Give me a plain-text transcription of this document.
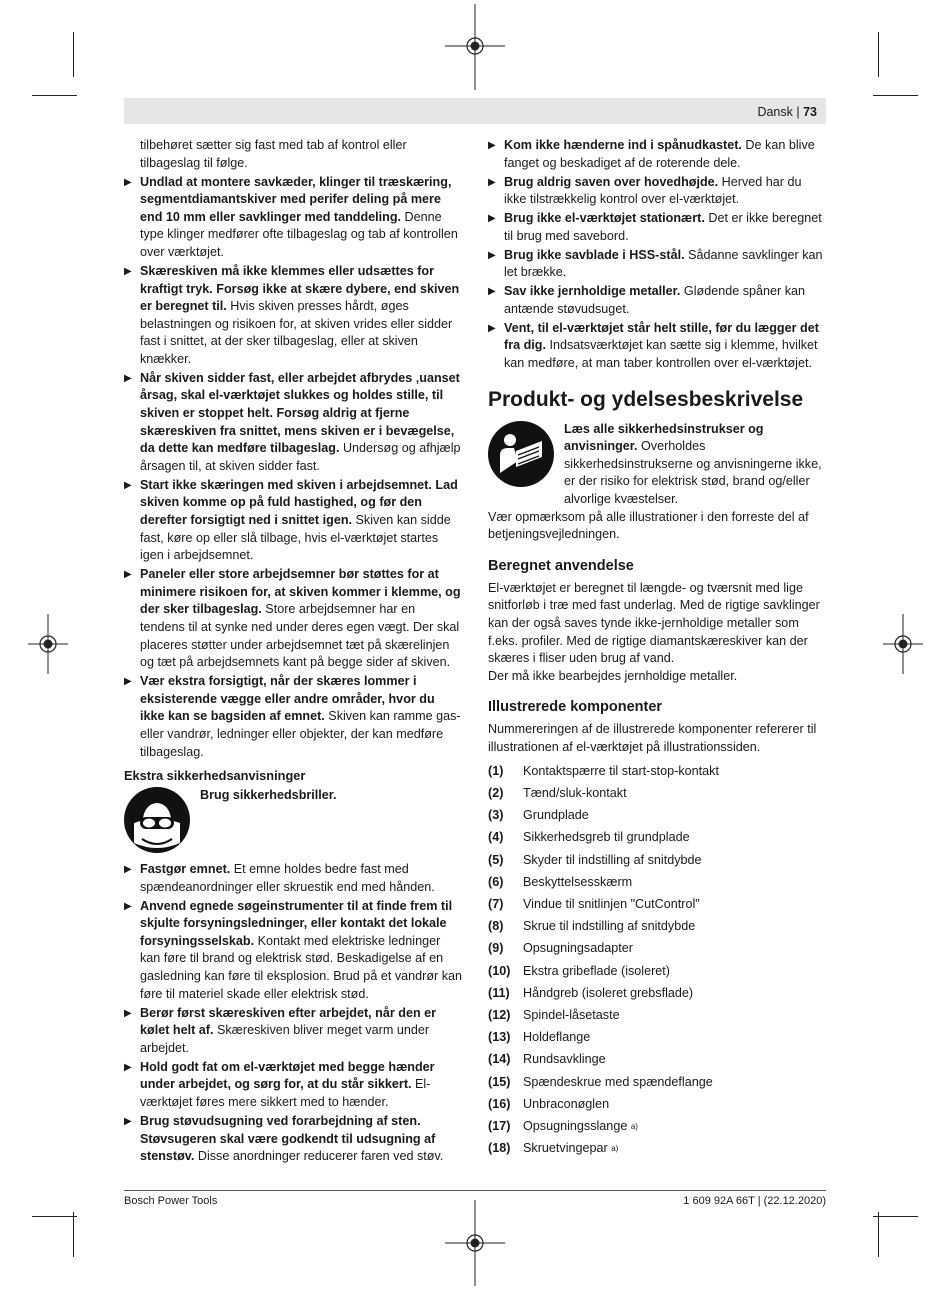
Dansk | 73

tilbehøret sætter sig fast med tab af kontrol eller tilbageslag til følge.

▶ Undlad at montere savkæder, klinger til træskæring, segmentdiamantskiver med perifer deling på mere end 10 mm eller savklinger med tanddeling. Denne type klinger medfører ofte tilbageslag og tab af kontrollen over værktøjet.

▶ Skæreskiven må ikke klemmes eller udsættes for kraftigt tryk. Forsøg ikke at skære dybere, end skiven er beregnet til. Hvis skiven presses hårdt, øges belastningen og risikoen for, at skiven vrides eller sidder fast i snittet, at der sker tilbageslag, eller at skiven knækker.

▶ Når skiven sidder fast, eller arbejdet afbrydes ‚uanset årsag, skal el-værktøjet slukkes og holdes stille, til skiven er stoppet helt. Forsøg aldrig at fjerne skæreskiven fra snittet, mens skiven er i bevægelse, da dette kan medføre tilbageslag. Undersøg og afhjælp årsagen til, at skiven sidder fast.

▶ Start ikke skæringen med skiven i arbejdsemnet. Lad skiven komme op på fuld hastighed, og før den derefter forsigtigt ned i snittet igen. Skiven kan sidde fast, køre op eller slå tilbage, hvis el-værktøjet startes igen i arbejdsemnet.

▶ Paneler eller store arbejdsemner bør støttes for at minimere risikoen for, at skiven kommer i klemme, og der sker tilbageslag. Store arbejdsemner har en tendens til at synke ned under deres egen vægt. Der skal placeres støtter under arbejdsemnet tæt på skærelinjen og tæt på arbejdsemnets kant på begge sider af skiven.

▶ Vær ekstra forsigtigt, når der skæres lommer i eksisterende vægge eller andre områder, hvor du ikke kan se bagsiden af emnet. Skiven kan ramme gas- eller vandrør, ledninger eller objekter, der kan medføre tilbageslag.

Ekstra sikkerhedsanvisninger
Brug sikkerhedsbriller.

▶ Fastgør emnet. Et emne holdes bedre fast med spændeanordninger eller skruestik end med hånden.

▶ Anvend egnede søgeinstrumenter til at finde frem til skjulte forsyningsledninger, eller kontakt det lokale forsyningsselskab. Kontakt med elektriske ledninger kan føre til brand og elektrisk stød. Beskadigelse af en gasledning kan føre til eksplosion. Brud på et vandrør kan føre til materiel skade eller elektrisk stød.

▶ Berør først skæreskiven efter arbejdet, når den er kølet helt af. Skæreskiven bliver meget varm under arbejdet.

▶ Hold godt fat om el-værktøjet med begge hænder under arbejdet, og sørg for, at du står sikkert. El-værktøjet føres mere sikkert med to hænder.

▶ Brug støvudsugning ved forarbejdning af sten. Støvsugeren skal være godkendt til udsugning af stenstøv. Disse anordninger reducerer faren ved støv.

▶ Kom ikke hænderne ind i spånudkastet. De kan blive fanget og beskadiget af de roterende dele.

▶ Brug aldrig saven over hovedhøjde. Herved har du ikke tilstrækkelig kontrol over el-værktøjet.

▶ Brug ikke el-værktøjet stationært. Det er ikke beregnet til brug med savebord.

▶ Brug ikke savblade i HSS-stål. Sådanne savklinger kan let brække.

▶ Sav ikke jernholdige metaller. Glødende spåner kan antænde støvudsuget.

▶ Vent, til el-værktøjet står helt stille, før du lægger det fra dig. Indsatsværktøjet kan sætte sig i klemme, hvilket kan medføre, at man taber kontrollen over el-værktøjet.

Produkt- og ydelsesbeskrivelse

Læs alle sikkerhedsinstrukser og anvisninger. Overholdes sikkerhedsinstrukserne og anvisningerne ikke, er der risiko for elektrisk stød, brand og/eller alvorlige kvæstelser.

Vær opmærksom på alle illustrationer i den forreste del af betjeningsvejledningen.

Beregnet anvendelse

El-værktøjet er beregnet til længde- og tværsnit med lige snitforløb i træ med fast underlag. Med de rigtige savklinger kan der også saves tynde ikke-jernholdige metaller som f.eks. profiler. Med de rigtige diamantskæreskiver kan der skæres i fliser uden brug af vand.

Der må ikke bearbejdes jernholdige metaller.

Illustrerede komponenter

Nummereringen af de illustrerede komponenter refererer til illustrationen af el-værktøjet på illustrationssiden.

(1)	Kontaktspærre til start-stop-kontakt
(2)	Tænd/sluk-kontakt
(3)	Grundplade
(4)	Sikkerhedsgreb til grundplade
(5)	Skyder til indstilling af snitdybde
(6)	Beskyttelsesskærm
(7)	Vindue til snitlinjen "CutControl"
(8)	Skrue til indstilling af snitdybde
(9)	Opsugningsadapter
(10) Ekstra gribeflade (isoleret)
(11)	Håndgreb (isoleret grebsflade)
(12) Spindel-låsetaste
(13) Holdeflange
(14) Rundsavklinge
(15) Spændeskrue med spændeflange
(16) Unbraconøglen
(17) Opsugningsslange
a)
(18) Skruetvingepar
a)
Bosch Power Tools	1 609 92A 66T | (22.12.2020)
